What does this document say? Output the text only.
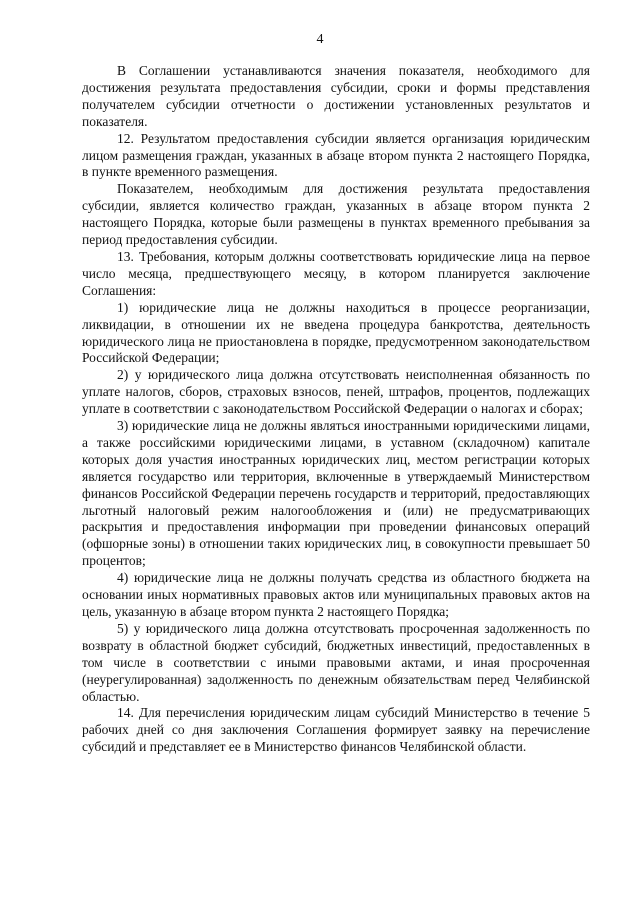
4

В Соглашении устанавливаются значения показателя, необходимого для достижения результата предоставления субсидии, сроки и формы представления получателем субсидии отчетности о достижении установленных результатов и показателя.

12. Результатом предоставления субсидии является организация юридическим лицом размещения граждан, указанных в абзаце втором пункта 2 настоящего Порядка, в пункте временного размещения.

Показателем, необходимым для достижения результата предоставления субсидии, является количество граждан, указанных в абзаце втором пункта 2 настоящего Порядка, которые были размещены в пунктах временного пребывания за период предоставления субсидии.

13. Требования, которым должны соответствовать юридические лица на первое число месяца, предшествующего месяцу, в котором планируется заключение Соглашения:

1) юридические лица не должны находиться в процессе реорганизации, ликвидации, в отношении их не введена процедура банкротства, деятельность юридического лица не приостановлена в порядке, предусмотренном законодательством Российской Федерации;

2) у юридического лица должна отсутствовать неисполненная обязанность по уплате налогов, сборов, страховых взносов, пеней, штрафов, процентов, подлежащих уплате в соответствии с законодательством Российской Федерации о налогах и сборах;

3) юридические лица не должны являться иностранными юридическими лицами, а также российскими юридическими лицами, в уставном (складочном) капитале которых доля участия иностранных юридических лиц, местом регистрации которых является государство или территория, включенные в утверждаемый Министерством финансов Российской Федерации перечень государств и территорий, предоставляющих льготный налоговый режим налогообложения и (или) не предусматривающих раскрытия и предоставления информации при проведении финансовых операций (офшорные зоны) в отношении таких юридических лиц, в совокупности превышает 50 процентов;

4) юридические лица не должны получать средства из областного бюджета на основании иных нормативных правовых актов или муниципальных правовых актов на цель, указанную в абзаце втором пункта 2 настоящего Порядка;

5) у юридического лица должна отсутствовать просроченная задолженность по возврату в областной бюджет субсидий, бюджетных инвестиций, предоставленных в том числе в соответствии с иными правовыми актами, и иная просроченная (неурегулированная) задолженность по денежным обязательствам перед Челябинской областью.

14. Для перечисления юридическим лицам субсидий Министерство в течение 5 рабочих дней со дня заключения Соглашения формирует заявку на перечисление субсидий и представляет ее в Министерство финансов Челябинской области.
